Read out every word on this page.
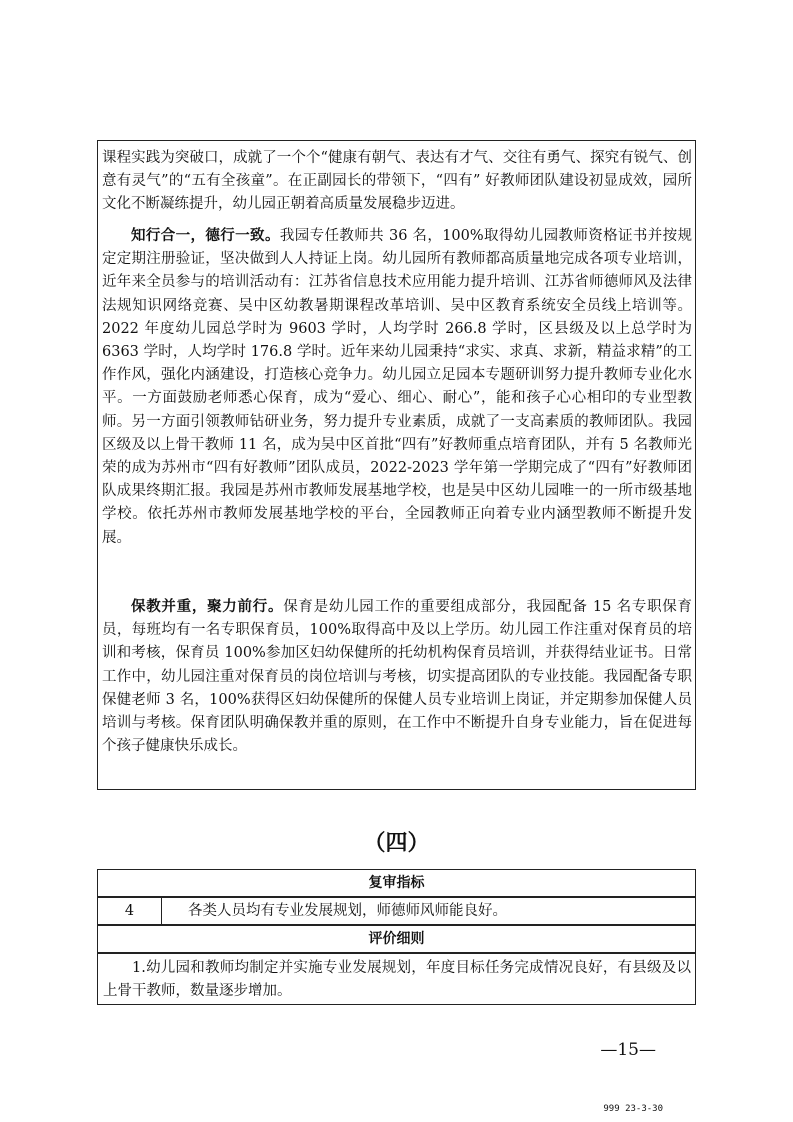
课程实践为突破口，成就了一个个“健康有朝气、表达有才气、交往有勇气、探究有锐气、创意有灵气”的“五有全孩童”。在正副园长的带领下，“四有” 好教师团队建设初显成效，园所文化不断凝练提升，幼儿园正朝着高质量发展稳步迈进。

知行合一，德行一致。我园专任教师共 36 名，100%取得幼儿园教师资格证书并按规定定期注册验证，坚决做到人人持证上岗。幼儿园所有教师都高质量地完成各项专业培训，近年来全员参与的培训活动有：江苏省信息技术应用能力提升培训、江苏省师德师风及法律法规知识网络竞赛、吴中区幼教暑期课程改革培训、吴中区教育系统安全员线上培训等。2022 年度幼儿园总学时为 9603 学时，人均学时 266.8 学时，区县级及以上总学时为 6363 学时，人均学时 176.8 学时。近年来幼儿园秉持“求实、求真、求新，精益求精”的工作作风，强化内涵建设，打造核心竞争力。幼儿园立足园本专题研训努力提升教师专业化水平。一方面鼓励老师悉心保育，成为“爱心、细心、耐心”，能和孩子心心相印的专业型教师。另一方面引领教师钻研业务，努力提升专业素质，成就了一支高素质的教师团队。我园区级及以上骨干教师 11 名，成为吴中区首批“四有”好教师重点培育团队，并有 5 名教师光荣的成为苏州市“四有好教师”团队成员，2022-2023 学年第一学期完成了“四有”好教师团队成果终期汇报。我园是苏州市教师发展基地学校，也是吴中区幼儿园唯一的一所市级基地学校。依托苏州市教师发展基地学校的平台，全园教师正向着专业内涵型教师不断提升发展。

保教并重，聚力前行。保育是幼儿园工作的重要组成部分，我园配备 15 名专职保育员，每班均有一名专职保育员，100%取得高中及以上学历。幼儿园工作注重对保育员的培训和考核，保育员 100%参加区妇幼保健所的托幼机构保育员培训，并获得结业证书。日常工作中，幼儿园注重对保育员的岗位培训与考核，切实提高团队的专业技能。我园配备专职保健老师 3 名，100%获得区妇幼保健所的保健人员专业培训上岗证，并定期参加保健人员培训与考核。保育团队明确保教并重的原则，在工作中不断提升自身专业能力，旨在促进每个孩子健康快乐成长。

（四）
复审指标
4	各类人员均有专业发展规划，师德师风师能良好。
评价细则

1.幼儿园和教师均制定并实施专业发展规划，年度目标任务完成情况良好，有县级及以上骨干教师，数量逐步增加。

—15—
999 23-3-30
